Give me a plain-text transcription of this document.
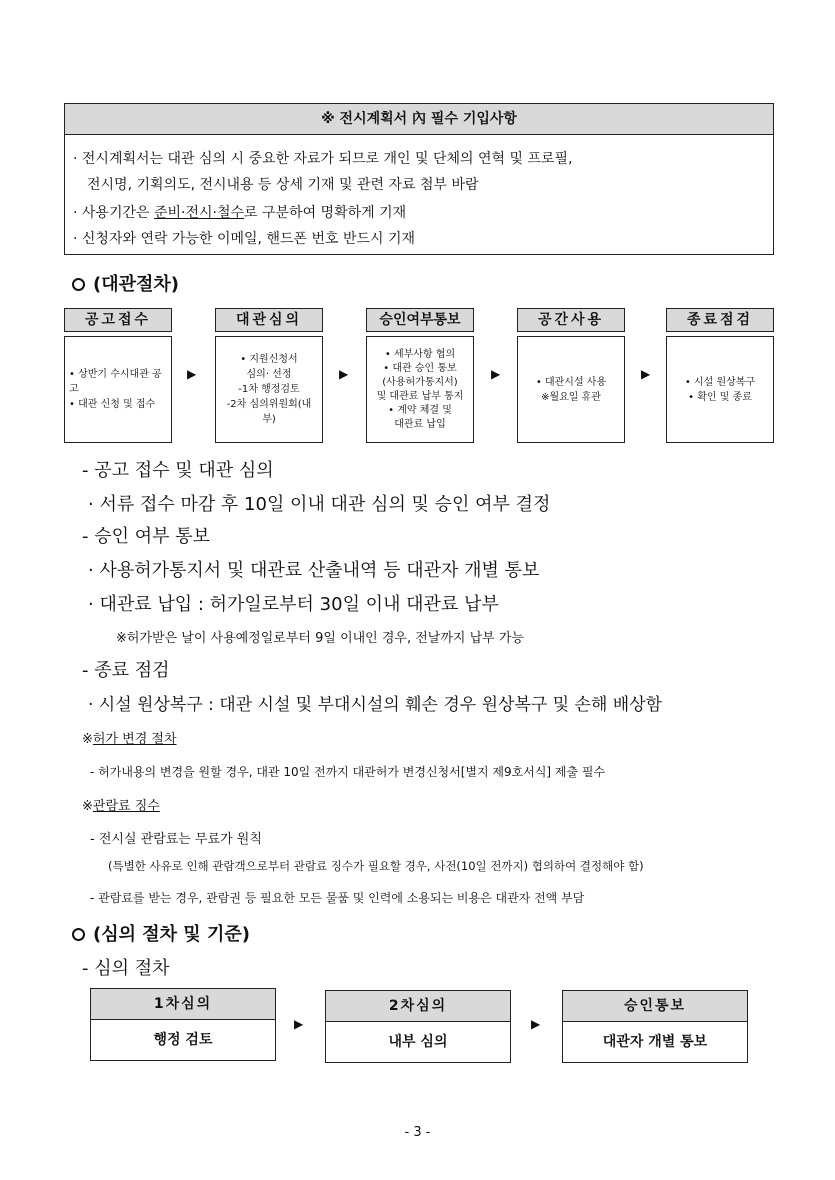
※ 전시계획서 內 필수 기입사항
· 전시계획서는 대관 심의 시 중요한 자료가 되므로 개인 및 단체의 연혁 및 프로필,
전시명, 기획의도, 전시내용 등 상세 기재 및 관련 자료 첨부 바람
· 사용기간은 준비·전시·철수로 구분하여 명확하게 기재
· 신청자와 연락 가능한 이메일, 핸드폰 번호 반드시 기재
(대관절차)
공고접수
• 상반기 수시대관 공고
• 대관 신청 및 접수
▶
대관심의
• 지원신청서
심의· 선정
-1차 행정검토
-2차 심의위원회(내부)
▶
승인여부통보
• 세부사항 협의
• 대관 승인 통보
(사용허가통지서)
및 대관료 납부 통지
• 계약 체결 및
대관료 납입
▶
공간사용
• 대관시설 사용
※월요일 휴관
▶
종료점검
• 시설 원상복구
• 확인 및 종료
- 공고 접수 및 대관 심의
· 서류 접수 마감 후 10일 이내 대관 심의 및 승인 여부 결정
- 승인 여부 통보
· 사용허가통지서 및 대관료 산출내역 등 대관자 개별 통보
· 대관료 납입 : 허가일로부터 30일 이내 대관료 납부
※허가받은 날이 사용예정일로부터 9일 이내인 경우, 전날까지 납부 가능
- 종료 점검
· 시설 원상복구 : 대관 시설 및 부대시설의 훼손 경우 원상복구 및 손해 배상함
※허가 변경 절차
- 허가내용의 변경을 원할 경우, 대관 10일 전까지 대관허가 변경신청서[별지 제9호서식] 제출 필수
※관람료 징수
- 전시실 관람료는 무료가 원칙
(특별한 사유로 인해 관람객으로부터 관람료 징수가 필요할 경우, 사전(10일 전까지) 협의하여 결정해야 함)
- 관람료를 받는 경우, 관람권 등 필요한 모든 물품 및 인력에 소용되는 비용은 대관자 전액 부담
(심의 절차 및 기준)
- 심의 절차
1차심의
행정 검토
▶
2차심의
내부 심의
▶
승인통보
대관자 개별 통보
- 3 -
